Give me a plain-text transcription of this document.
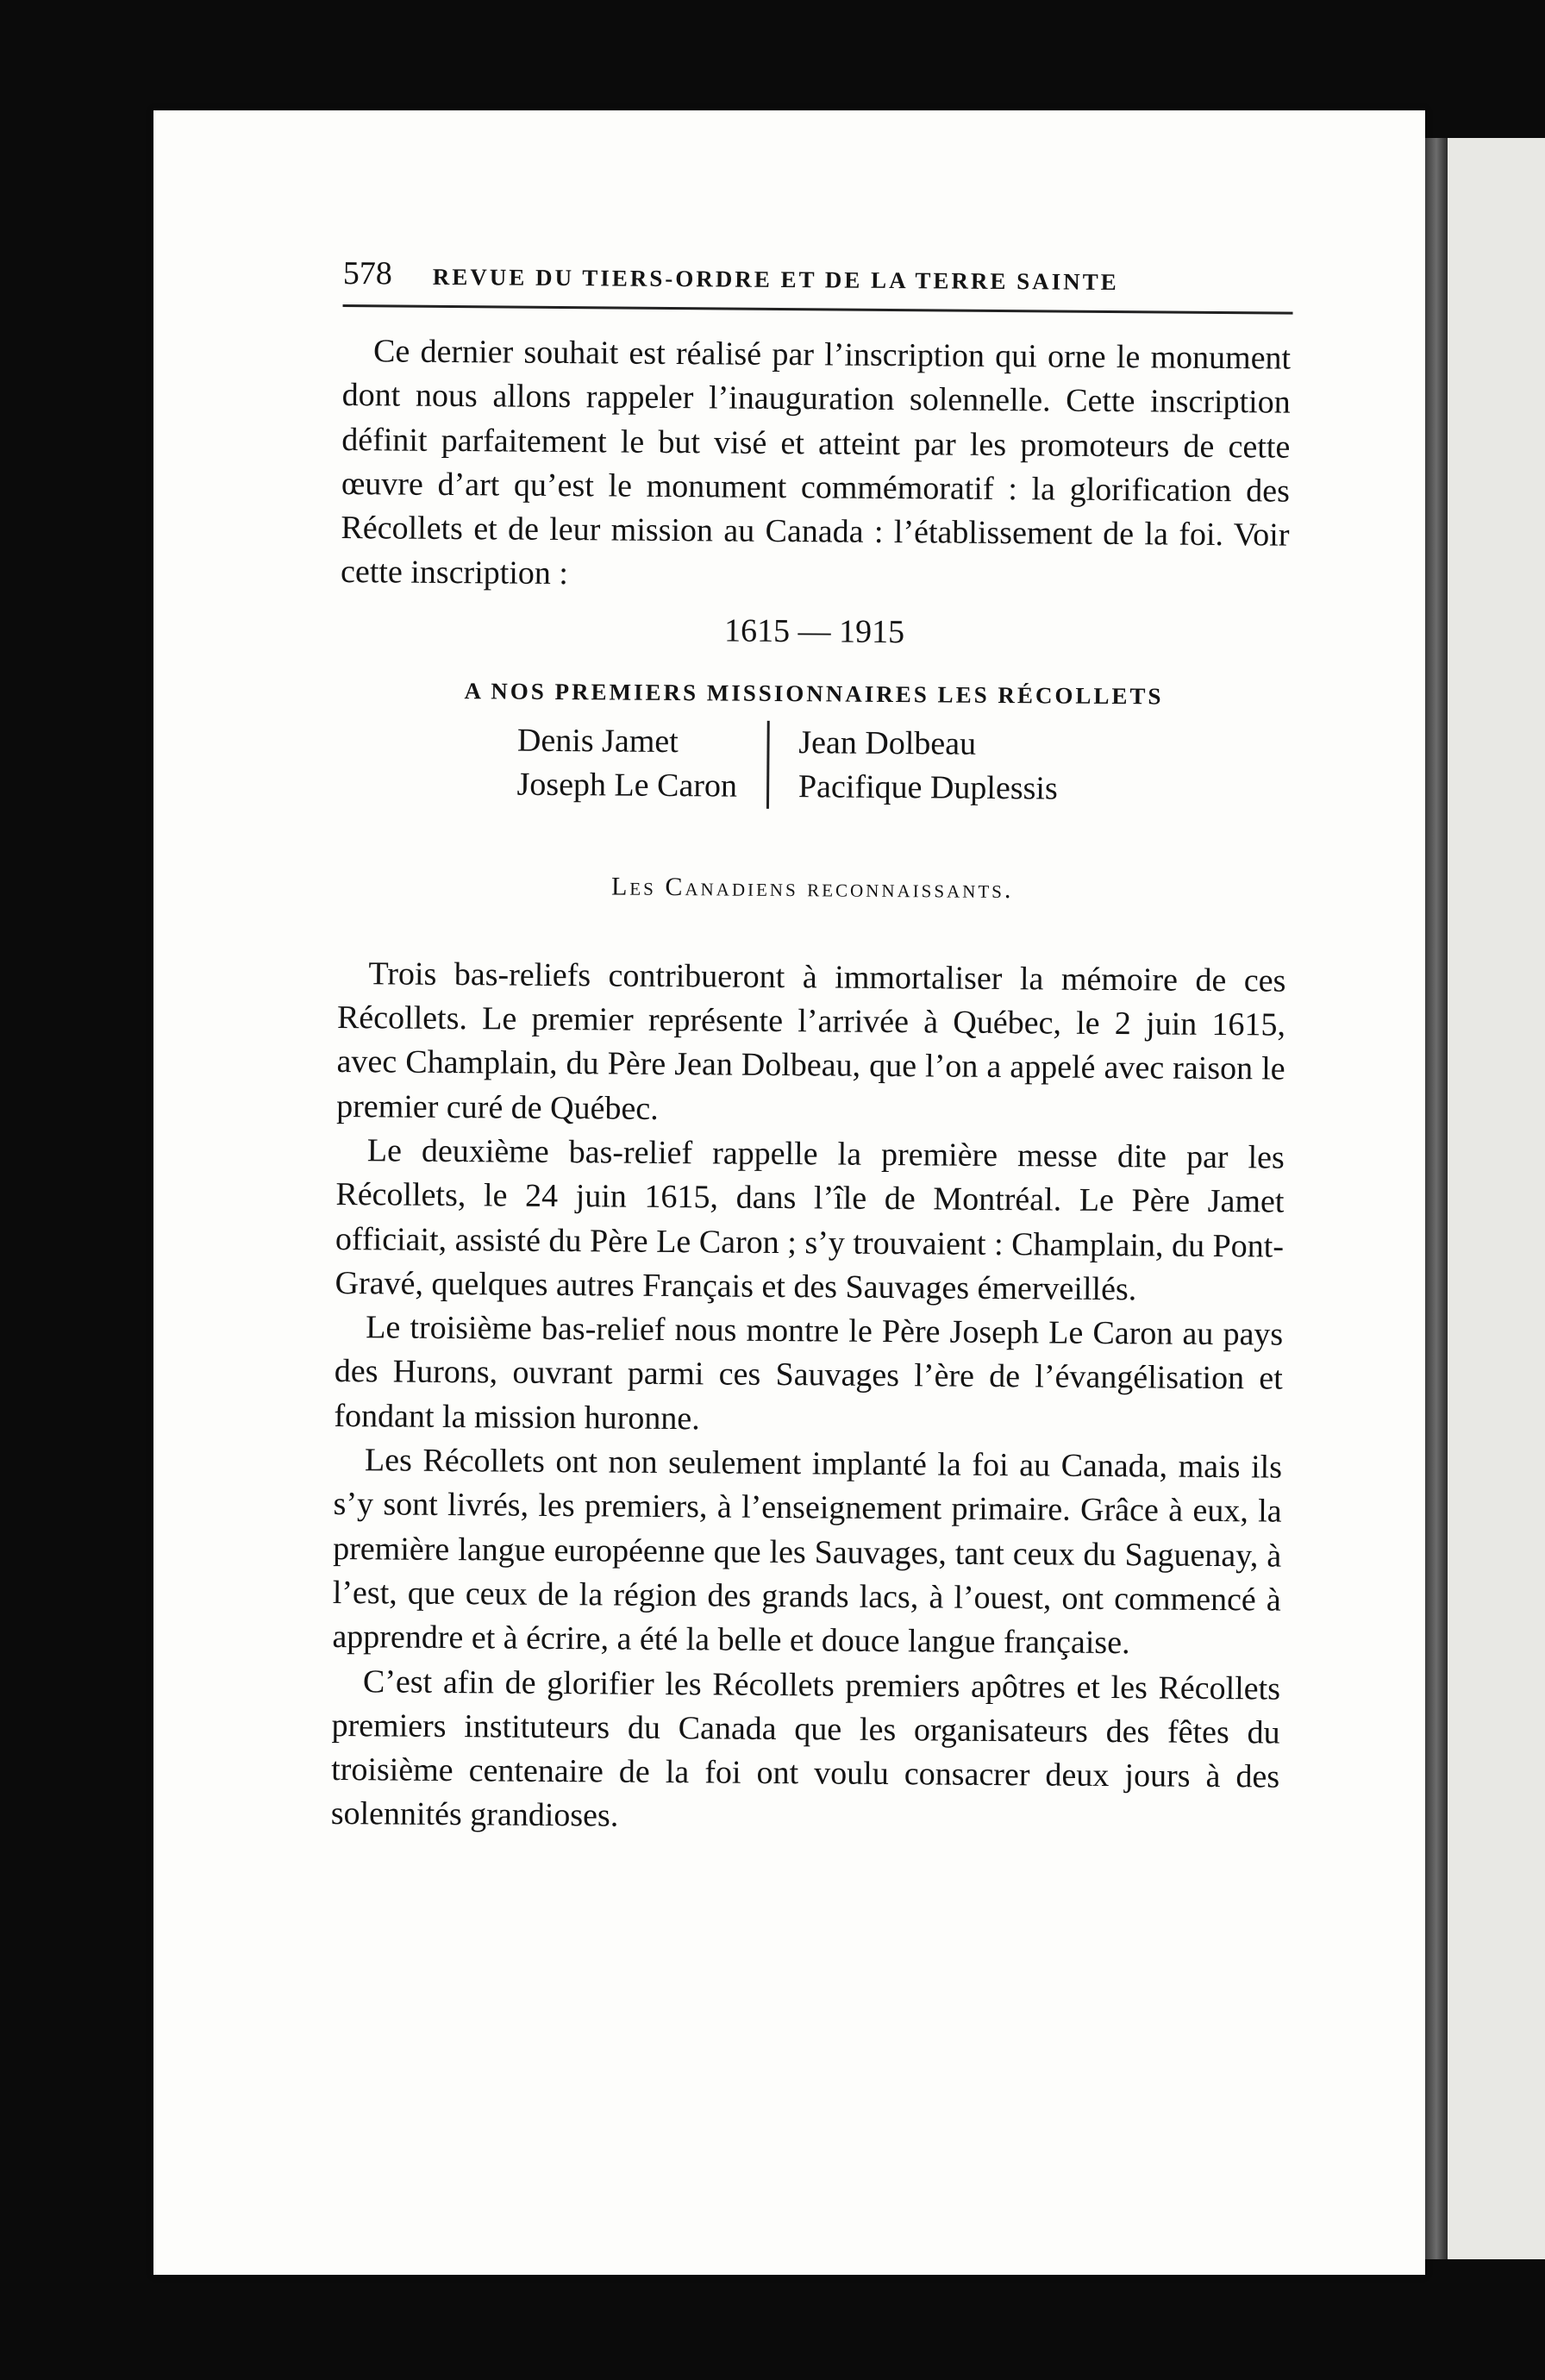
578	REVUE DU TIERS-ORDRE ET DE LA TERRE SAINTE

Ce dernier souhait est réalisé par l’inscription qui orne le monument dont nous allons rappeler l’inauguration solennelle. Cette inscription définit parfaitement le but visé et atteint par les promoteurs de cette œuvre d’art qu’est le monument commémoratif : la glorification des Récollets et de leur mission au Canada : l’établissement de la foi. Voir cette inscription :

1615 — 1915
A NOS PREMIERS MISSIONNAIRES LES RÉCOLLETS
Denis Jamet
Joseph Le Caron
Jean Dolbeau
Pacifique Duplessis
Les Canadiens reconnaissants.

Trois bas-reliefs contribueront à immortaliser la mémoire de ces Récollets. Le premier représente l’arrivée à Québec, le 2 juin 1615, avec Champlain, du Père Jean Dolbeau, que l’on a appelé avec raison le premier curé de Québec.

Le deuxième bas-relief rappelle la première messe dite par les Récollets, le 24 juin 1615, dans l’île de Montréal. Le Père Jamet officiait, assisté du Père Le Caron ; s’y trouvaient : Champlain, du Pont-Gravé, quelques autres Français et des Sauvages émerveillés.

Le troisième bas-relief nous montre le Père Joseph Le Caron au pays des Hurons, ouvrant parmi ces Sauvages l’ère de l’évangélisation et fondant la mission huronne.

Les Récollets ont non seulement implanté la foi au Canada, mais ils s’y sont livrés, les premiers, à l’enseignement primaire. Grâce à eux, la première langue européenne que les Sauvages, tant ceux du Saguenay, à l’est, que ceux de la région des grands lacs, à l’ouest, ont commencé à apprendre et à écrire, a été la belle et douce langue française.

C’est afin de glorifier les Récollets premiers apôtres et les Récollets premiers instituteurs du Canada que les organisateurs des fêtes du troisième centenaire de la foi ont voulu consacrer deux jours à des solennités grandioses.
